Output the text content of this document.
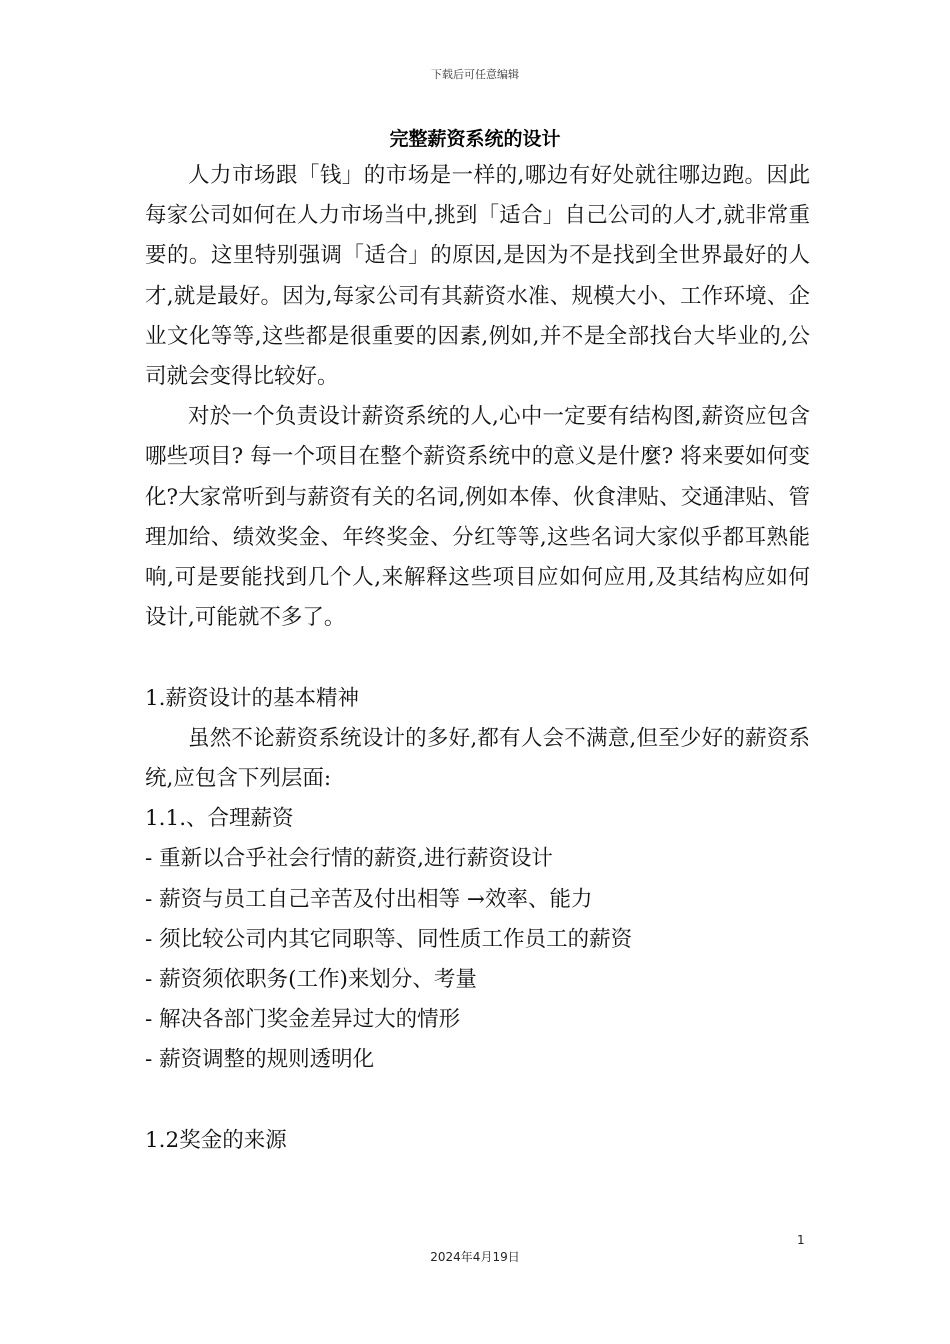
下载后可任意编辑
完整薪资系统的设计

人力市场跟「钱」的市场是一样的,哪边有好处就往哪边跑。因此每家公司如何在人力市场当中,挑到「适合」自己公司的人才,就非常重要的。这里特别强调「适合」的原因,是因为不是找到全世界最好的人才,就是最好。因为,每家公司有其薪资水准、规模大小、工作环境、企业文化等等,这些都是很重要的因素,例如,并不是全部找台大毕业的,公司就会变得比较好。

对於一个负责设计薪资系统的人,心中一定要有结构图,薪资应包含哪些项目? 每一个项目在整个薪资系统中的意义是什麼? 将来要如何变化?大家常听到与薪资有关的名词,例如本俸、伙食津贴、交通津贴、管理加给、绩效奖金、年终奖金、分红等等,这些名词大家似乎都耳熟能响,可是要能找到几个人,来解释这些项目应如何应用,及其结构应如何设计,可能就不多了。

1.薪资设计的基本精神

虽然不论薪资系统设计的多好,都有人会不满意,但至少好的薪资系统,应包含下列层面:

1.1.、合理薪资

- 重新以合乎社会行情的薪资,进行薪资设计

- 薪资与员工自己辛苦及付出相等 →效率、能力

- 须比较公司内其它同职等、同性质工作员工的薪资

- 薪资须依职务(工作)来划分、考量

- 解决各部门奖金差异过大的情形

- 薪资调整的规则透明化

1.2奖金的来源

1
2024年4月19日
